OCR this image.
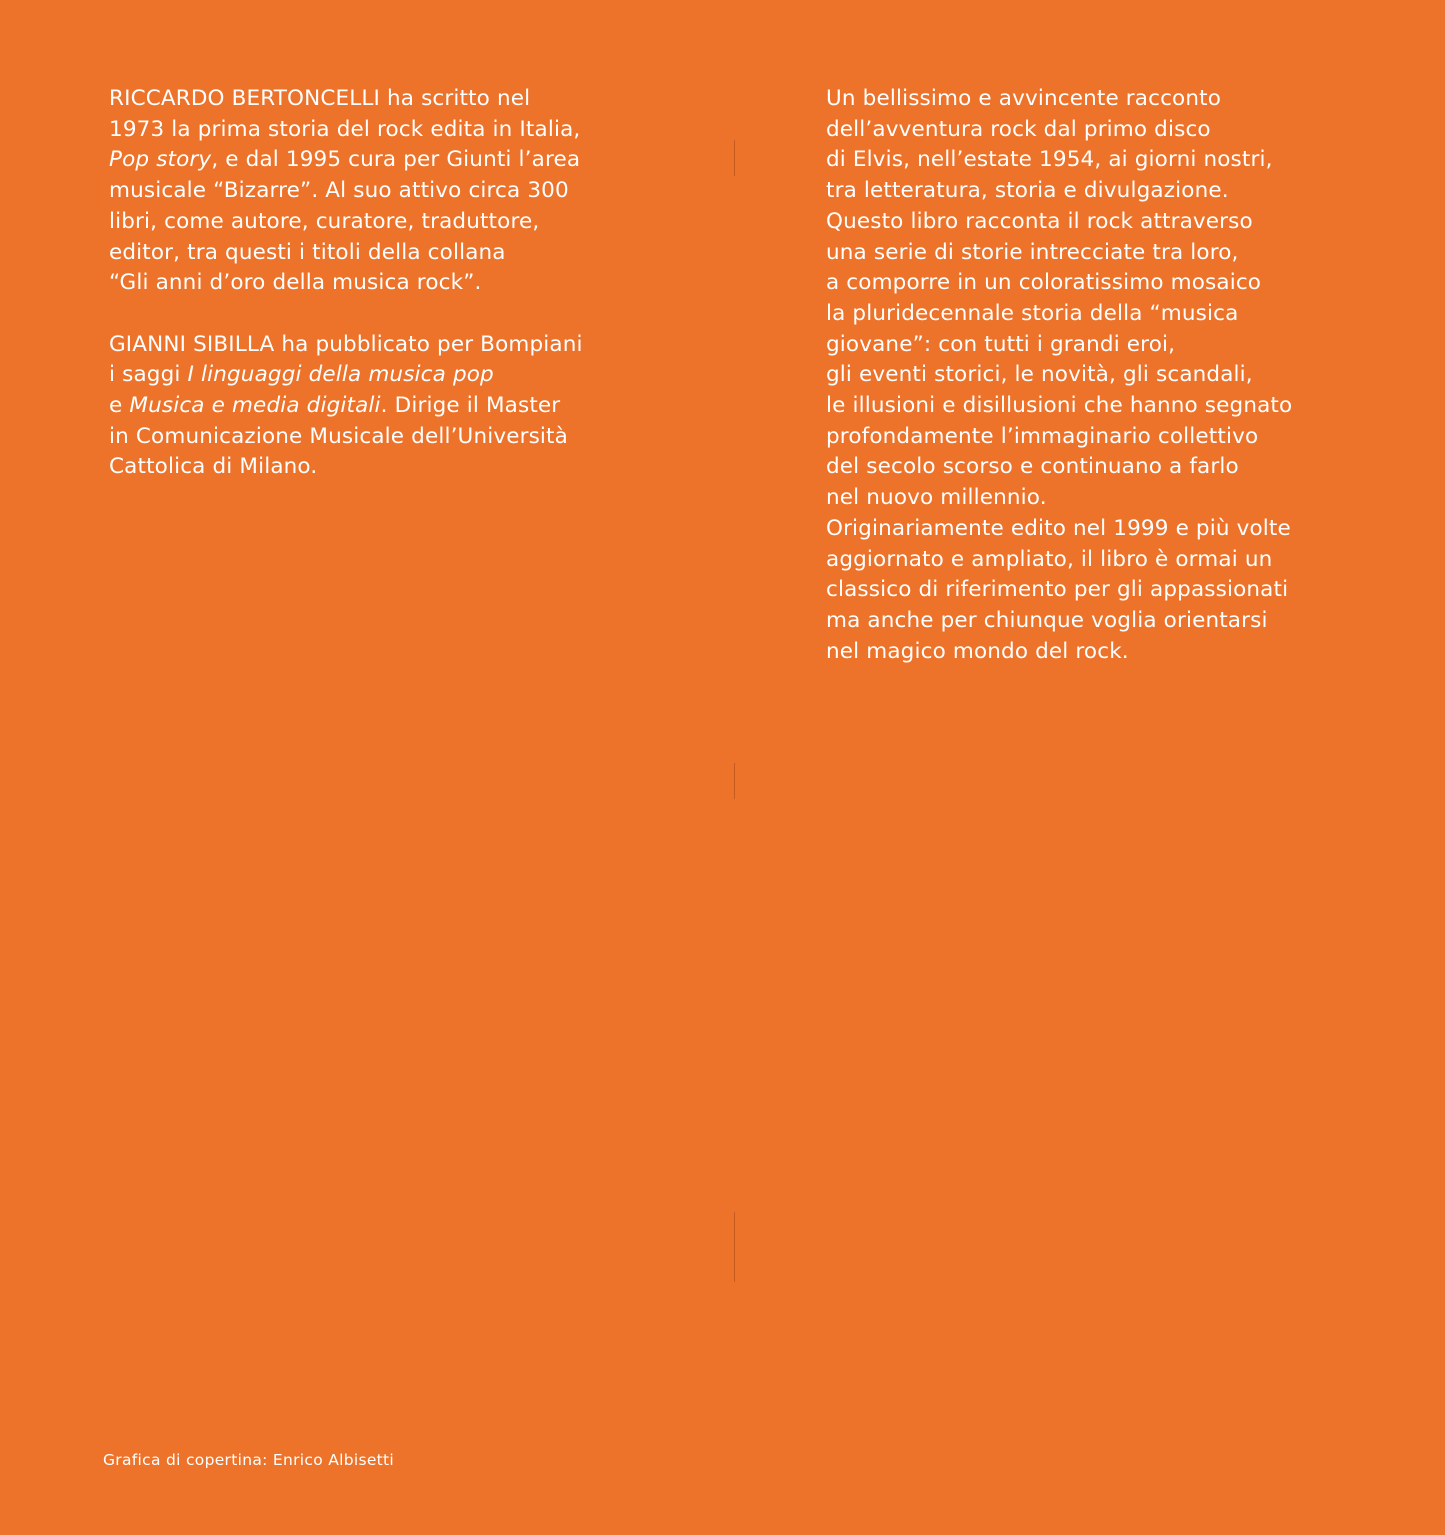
RICCARDO BERTONCELLI ha scritto nel
1973 la prima storia del rock edita in Italia,
Pop story, e dal 1995 cura per Giunti l’area
musicale “Bizarre”. Al suo attivo circa 300
libri, come autore, curatore, traduttore,
editor, tra questi i titoli della collana
“Gli anni d’oro della musica rock”.
GIANNI SIBILLA ha pubblicato per Bompiani
i saggi I linguaggi della musica pop
e Musica e media digitali. Dirige il Master
in Comunicazione Musicale dell’Università
Cattolica di Milano.
Un bellissimo e avvincente racconto
dell’avventura rock dal primo disco
di Elvis, nell’estate 1954, ai giorni nostri,
tra letteratura, storia e divulgazione.
Questo libro racconta il rock attraverso
una serie di storie intrecciate tra loro,
a comporre in un coloratissimo mosaico
la pluridecennale storia della “musica
giovane”: con tutti i grandi eroi,
gli eventi storici, le novità, gli scandali,
le illusioni e disillusioni che hanno segnato
profondamente l’immaginario collettivo
del secolo scorso e continuano a farlo
nel nuovo millennio.
Originariamente edito nel 1999 e più volte
aggiornato e ampliato, il libro è ormai un
classico di riferimento per gli appassionati
ma anche per chiunque voglia orientarsi
nel magico mondo del rock.
Grafica di copertina: Enrico Albisetti
